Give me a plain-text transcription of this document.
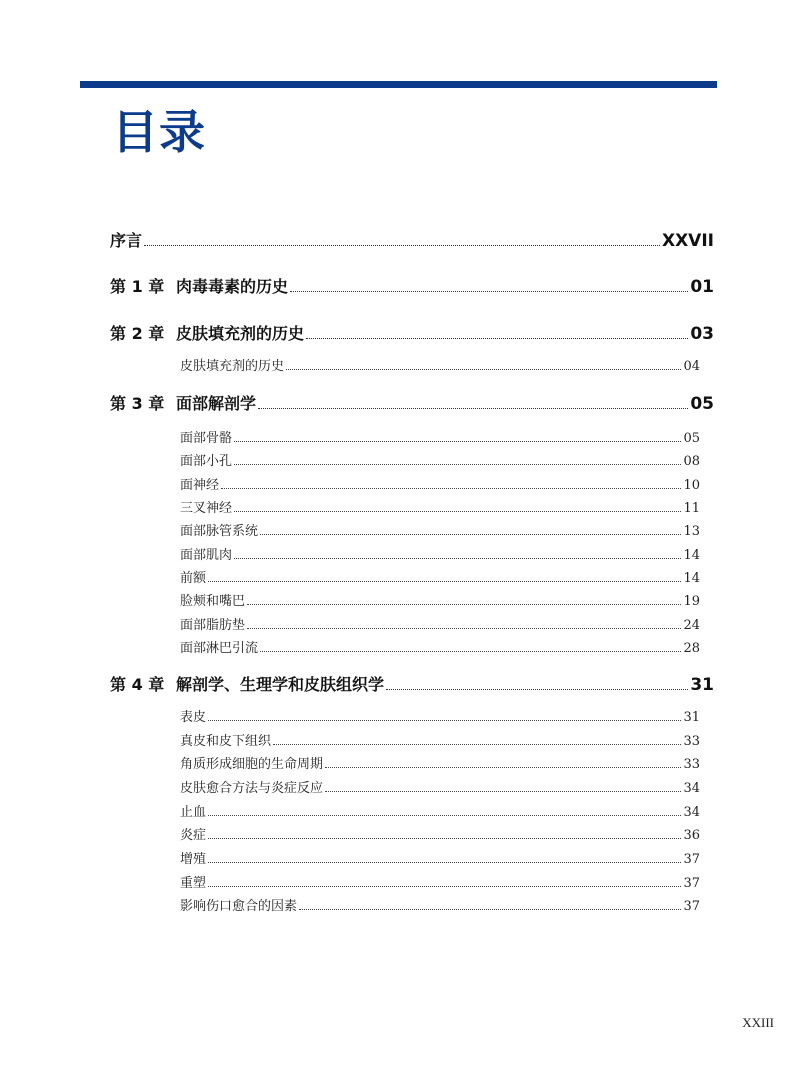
目录
序言	XXVII
第 1 章 肉毒毒素的历史	01
第 2 章 皮肤填充剂的历史	03
皮肤填充剂的历史	04
第 3 章 面部解剖学	05
面部骨骼	05
面部小孔	08
面神经	10
三叉神经	11
面部脉管系统	13
面部肌肉	14
前额	14
脸颊和嘴巴	19
面部脂肪垫	24
面部淋巴引流	28
第 4 章 解剖学、生理学和皮肤组织学	31
表皮	31
真皮和皮下组织	33
角质形成细胞的生命周期	33
皮肤愈合方法与炎症反应	34
止血	34
炎症	36
增殖	37
重塑	37
影响伤口愈合的因素	37
XXIII
